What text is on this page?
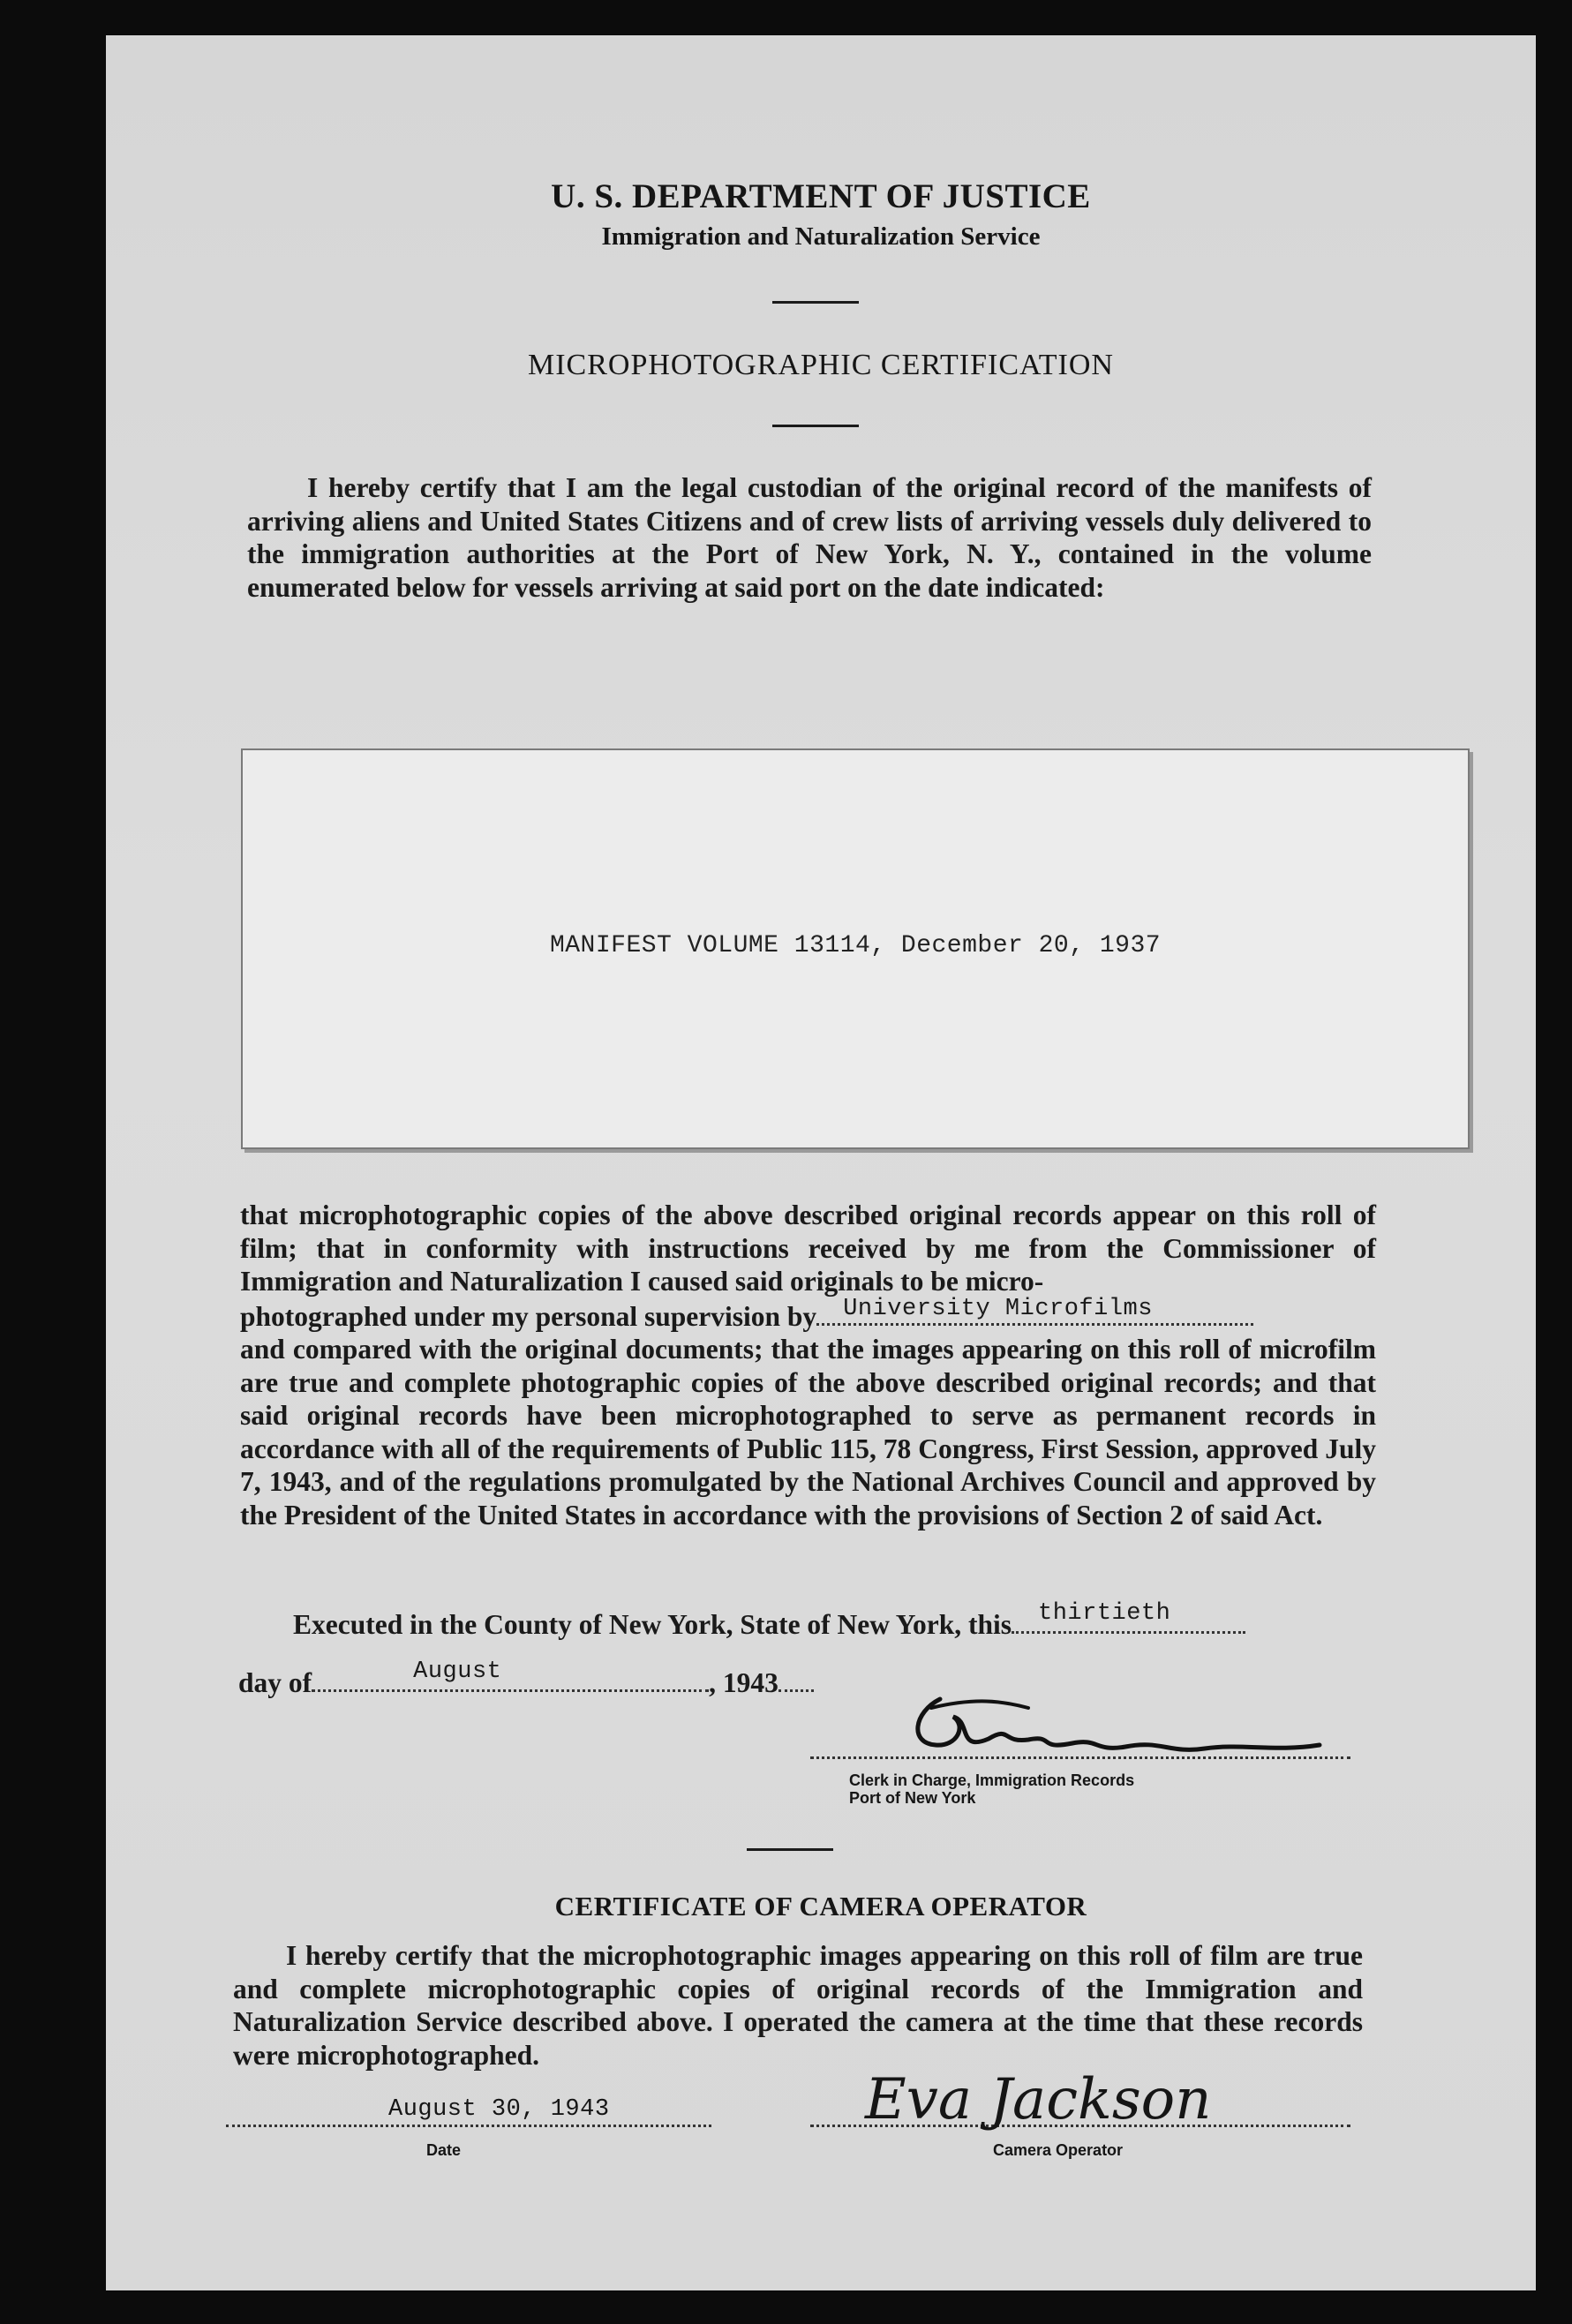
U. S. DEPARTMENT OF JUSTICE
Immigration and Naturalization Service
MICROPHOTOGRAPHIC CERTIFICATION
I hereby certify that I am the legal custodian of the original record of the manifests of arriving aliens and United States Citizens and of crew lists of arriving vessels duly delivered to the immigration authorities at the Port of New York, N. Y., contained in the volume enumerated below for vessels arriving at said port on the date indicated:
MANIFEST VOLUME 13114, December 20, 1937

that microphotographic copies of the above described original records appear on this roll of film; that in conformity with instructions received by me from the Commissioner of Immigration and Naturalization I caused said originals to be micro-

photographed under my personal supervision by University Microfilms

and compared with the original documents; that the images appearing on this roll of microfilm are true and complete photographic copies of the above described original records; and that said original records have been microphotographed to serve as permanent records in accordance with all of the requirements of Public 115, 78 Congress, First Session, approved July 7, 1943, and of the regulations promulgated by the National Archives Council and approved by the President of the United States in accordance with the provisions of Section 2 of said Act.

Executed in the County of New York, State of New York, this thirtieth
day of	August	, 1943
Clerk in Charge, Immigration Records
Port of New York
CERTIFICATE OF CAMERA OPERATOR
I hereby certify that the microphotographic images appearing on this roll of film are true and complete microphotographic copies of original records of the Immigration and Naturalization Service described above. I operated the camera at the time that these records were microphotographed.
August 30, 1943
Date
Eva Jackson
Camera Operator
